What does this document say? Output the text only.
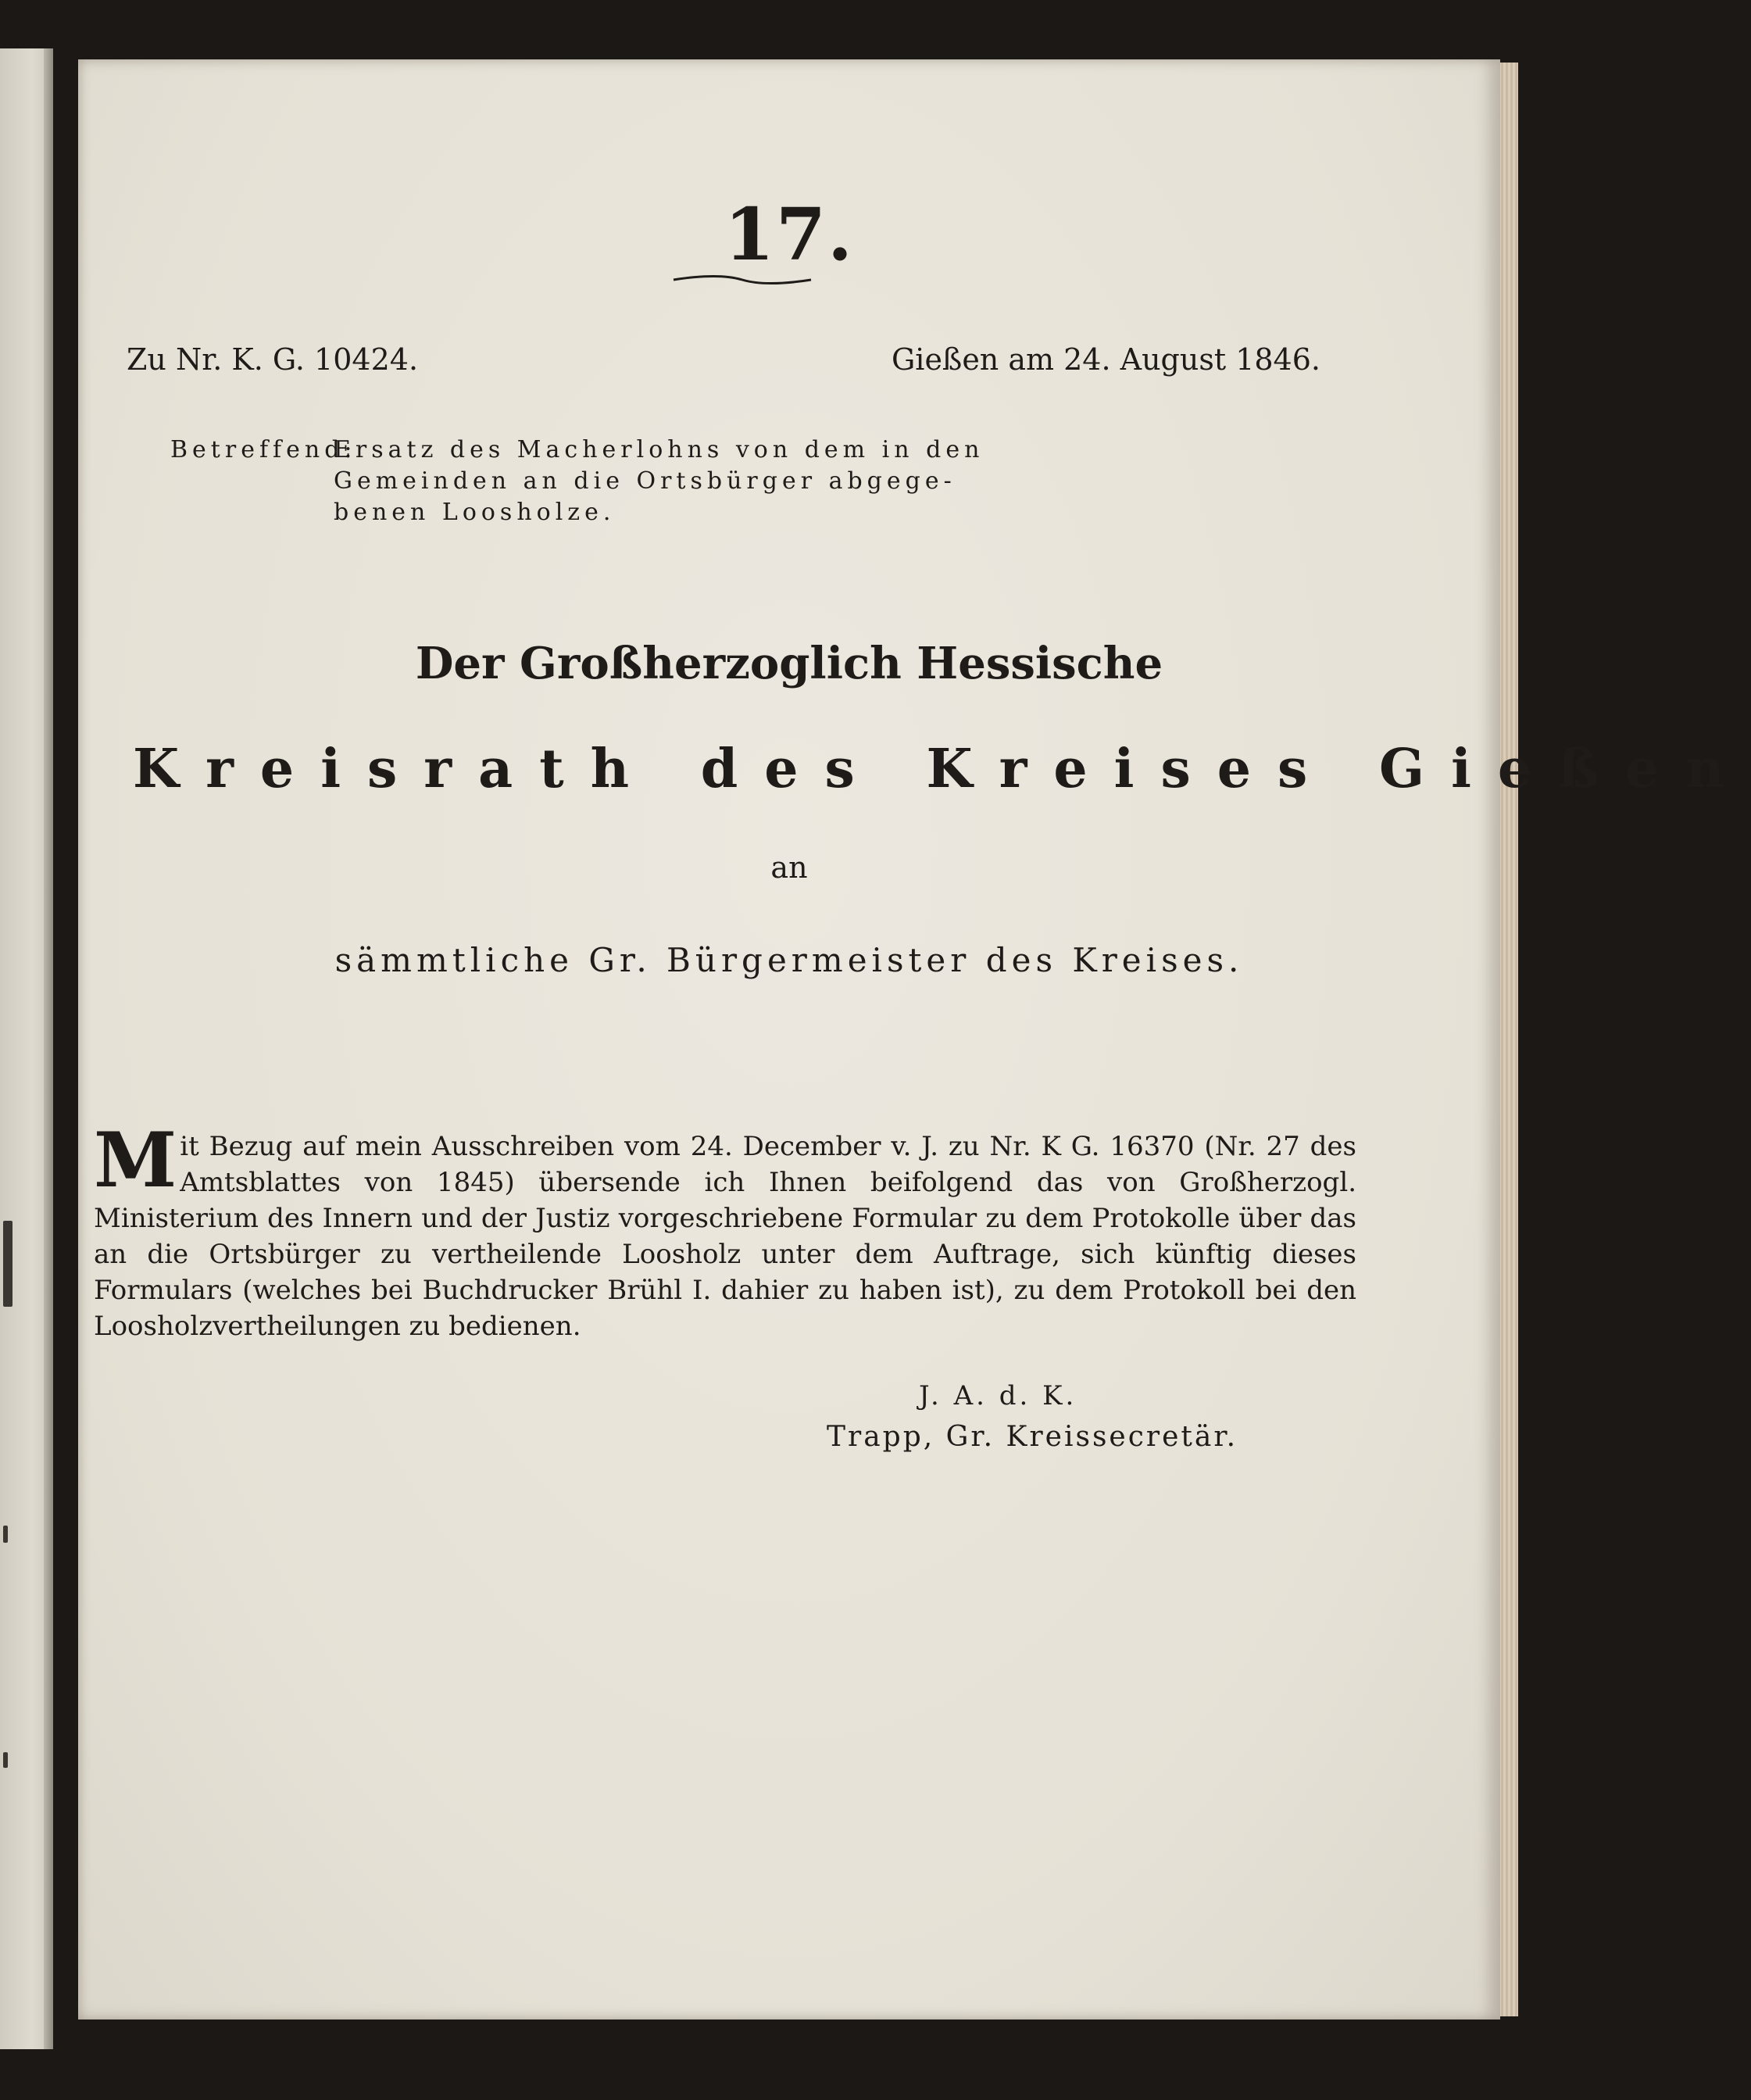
17.
Zu Nr. K. G. 10424.	Gießen am 24. August 1846.
Betreffend:
Ersatz des Macherlohns von dem in den
Gemeinden an die Ortsbürger abgege-
benen Loosholze.
Der Großherzoglich Hessische
Kreisrath des Kreises Gießen
an
sämmtliche Gr. Bürgermeister des Kreises.
Mit Bezug auf mein Ausschreiben vom 24. December v. J. zu Nr. K G. 16370 (Nr. 27 des Amtsblattes von 1845) übersende ich Ihnen beifolgend das von Großherzogl. Ministerium des Innern und der Justiz vorgeschriebene Formular zu dem Protokolle über das an die Ortsbürger zu vertheilende Loosholz unter dem Auftrage, sich künftig dieses Formulars (welches bei Buchdrucker Brühl I. dahier zu haben ist), zu dem Protokoll bei den Loosholzvertheilungen zu bedienen.
J. A. d. K.
Trapp, Gr. Kreissecretär.
